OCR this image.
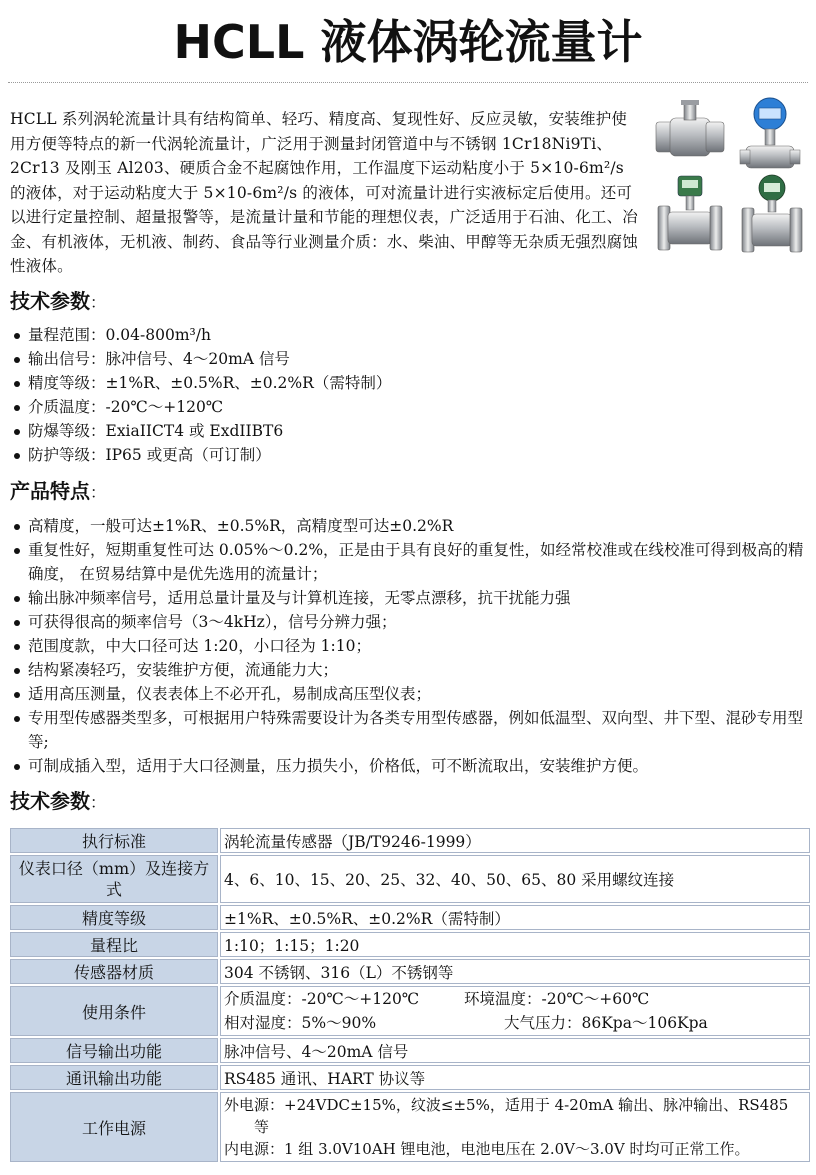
HCLL 液体涡轮流量计
HCLL 系列涡轮流量计具有结构简单、轻巧、精度高、复现性好、反应灵敏，安装维护使用方便等特点的新一代涡轮流量计，广泛用于测量封闭管道中与不锈钢 1Cr18Ni9Ti、2Cr13 及刚玉 Al203、硬质合金不起腐蚀作用，工作温度下运动粘度小于 5×10-6m²/s 的液体，对于运动粘度大于 5×10-6m²/s 的液体，可对流量计进行实液标定后使用。还可以进行定量控制、超量报警等，是流量计量和节能的理想仪表，广泛适用于石油、化工、冶金、有机液体，无机液、制药、食品等行业测量介质：水、柴油、甲醇等无杂质无强烈腐蚀性液体。
技术参数：
量程范围：0.04-800m³/h
输出信号：脉冲信号、4～20mA 信号
精度等级：±1%R、±0.5%R、±0.2%R（需特制）
介质温度：-20℃～+120℃
防爆等级：ExiaIICT4 或 ExdIIBT6
防护等级：IP65 或更高（可订制）
产品特点：
高精度，一般可达±1%R、±0.5%R，高精度型可达±0.2%R
重复性好，短期重复性可达 0.05%～0.2%，正是由于具有良好的重复性，如经常校准或在线校准可得到极高的精确度， 在贸易结算中是优先选用的流量计；
输出脉冲频率信号，适用总量计量及与计算机连接，无零点漂移，抗干扰能力强
可获得很高的频率信号（3～4kHz），信号分辨力强；
范围度款，中大口径可达 1:20，小口径为 1:10；
结构紧凑轻巧，安装维护方便，流通能力大；
适用高压测量，仪表表体上不必开孔，易制成高压型仪表；
专用型传感器类型多，可根据用户特殊需要设计为各类专用型传感器，例如低温型、双向型、井下型、混砂专用型等;
可制成插入型，适用于大口径测量，压力损失小，价格低，可不断流取出，安装维护方便。
技术参数：
执行标准	涡轮流量传感器（JB/T9246-1999）

仪表口径（mm）及连接方式	4、6、10、15、20、25、32、40、50、65、80 采用螺纹连接

精度等级	±1%R、±0.5%R、±0.2%R（需特制）

量程比	1:10；1:15；1:20

传感器材质	304 不锈钢、316（L）不锈钢等

使用条件	介质温度：-20℃～+120℃ 环境温度：-20℃～+60℃
相对湿度：5%～90% 大气压力：86Kpa～106Kpa

信号输出功能	脉冲信号、4～20mA 信号

通讯输出功能	RS485 通讯、HART 协议等

工作电源	外电源：+24VDC±15%，纹波≤±5%，适用于 4-20mA 输出、脉冲输出、RS485
等
内电源：1 组 3.0V10AH 锂电池，电池电压在 2.0V～3.0V 时均可正常工作。
